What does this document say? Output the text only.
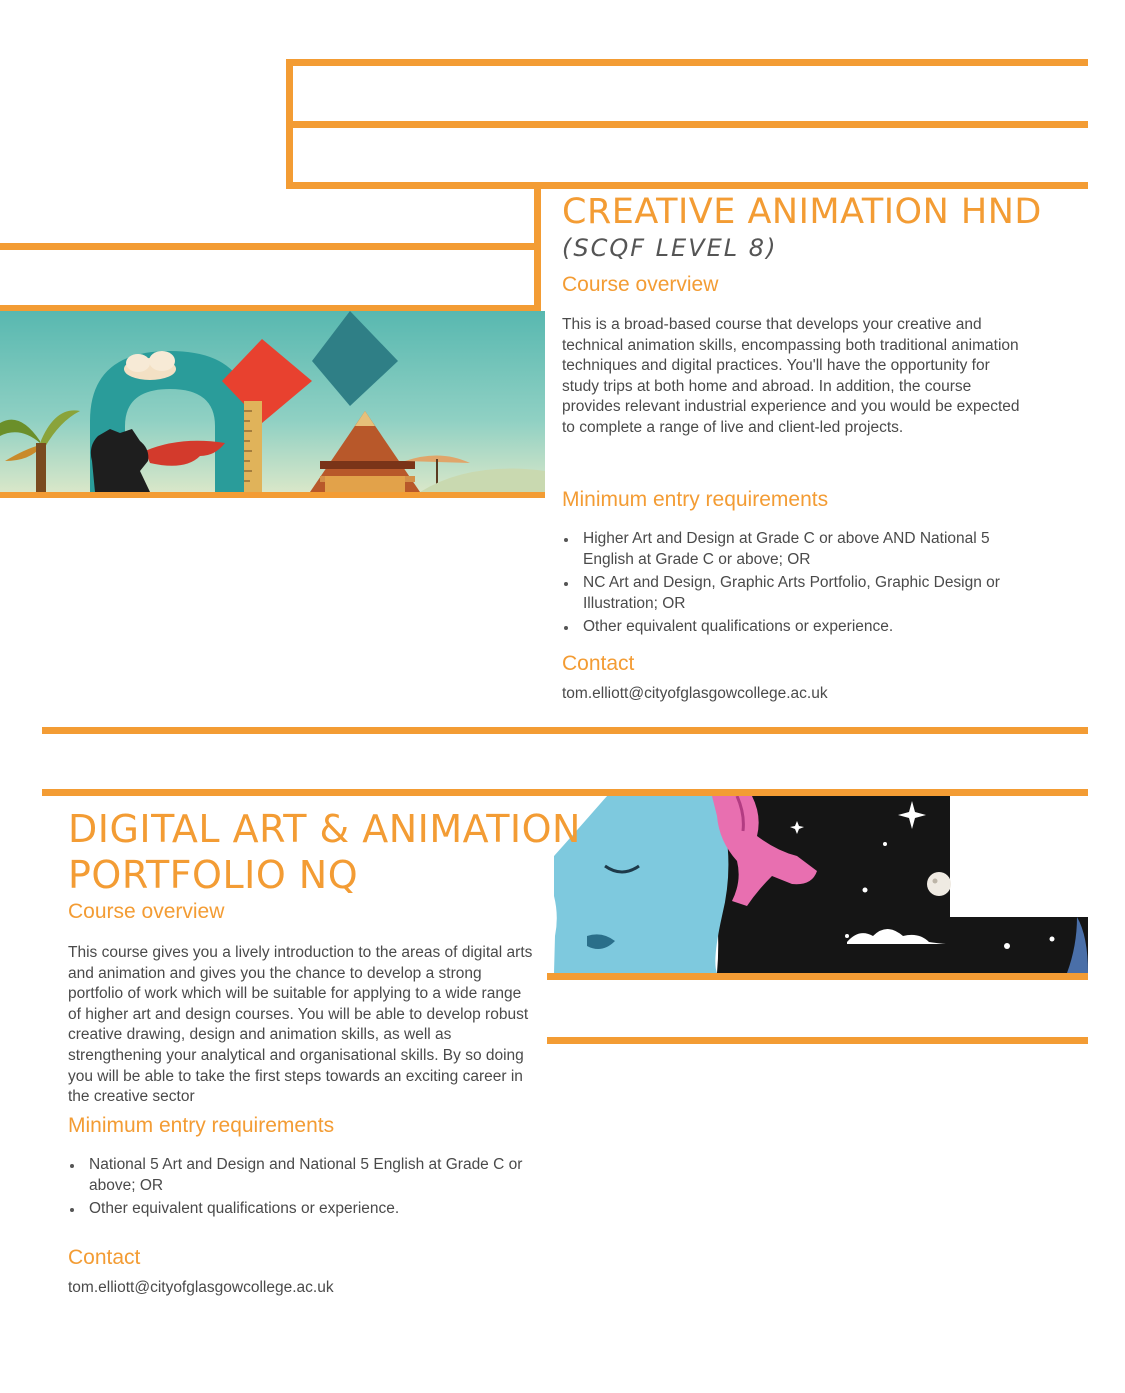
CREATIVE ANIMATION HND
(SCQF LEVEL 8)
Course overview

This is a broad-based course that develops your creative and technical animation skills, encompassing both traditional animation techniques and digital practices. You'll have the opportunity for study trips at both home and abroad. In addition, the course provides relevant industrial experience and you would be expected to complete a range of live and client-led projects.

Minimum entry requirements
Higher Art and Design at Grade C or above AND National 5 English at Grade C or above; OR
NC Art and Design, Graphic Arts Portfolio, Graphic Design or Illustration; OR
Other equivalent qualifications or experience.
Contact

tom.elliott@cityofglasgowcollege.ac.uk

DIGITAL ART & ANIMATION
PORTFOLIO NQ
Course overview

This course gives you a lively introduction to the areas of digital arts and animation and gives you the chance to develop a strong portfolio of work which will be suitable for applying to a wide range of higher art and design courses. You will be able to develop robust creative drawing, design and animation skills, as well as strengthening your analytical and organisational skills. By so doing you will be able to take the first steps towards an exciting career in the creative sector

Minimum entry requirements
National 5 Art and Design and National 5 English at Grade C or above; OR
Other equivalent qualifications or experience.
Contact

tom.elliott@cityofglasgowcollege.ac.uk
